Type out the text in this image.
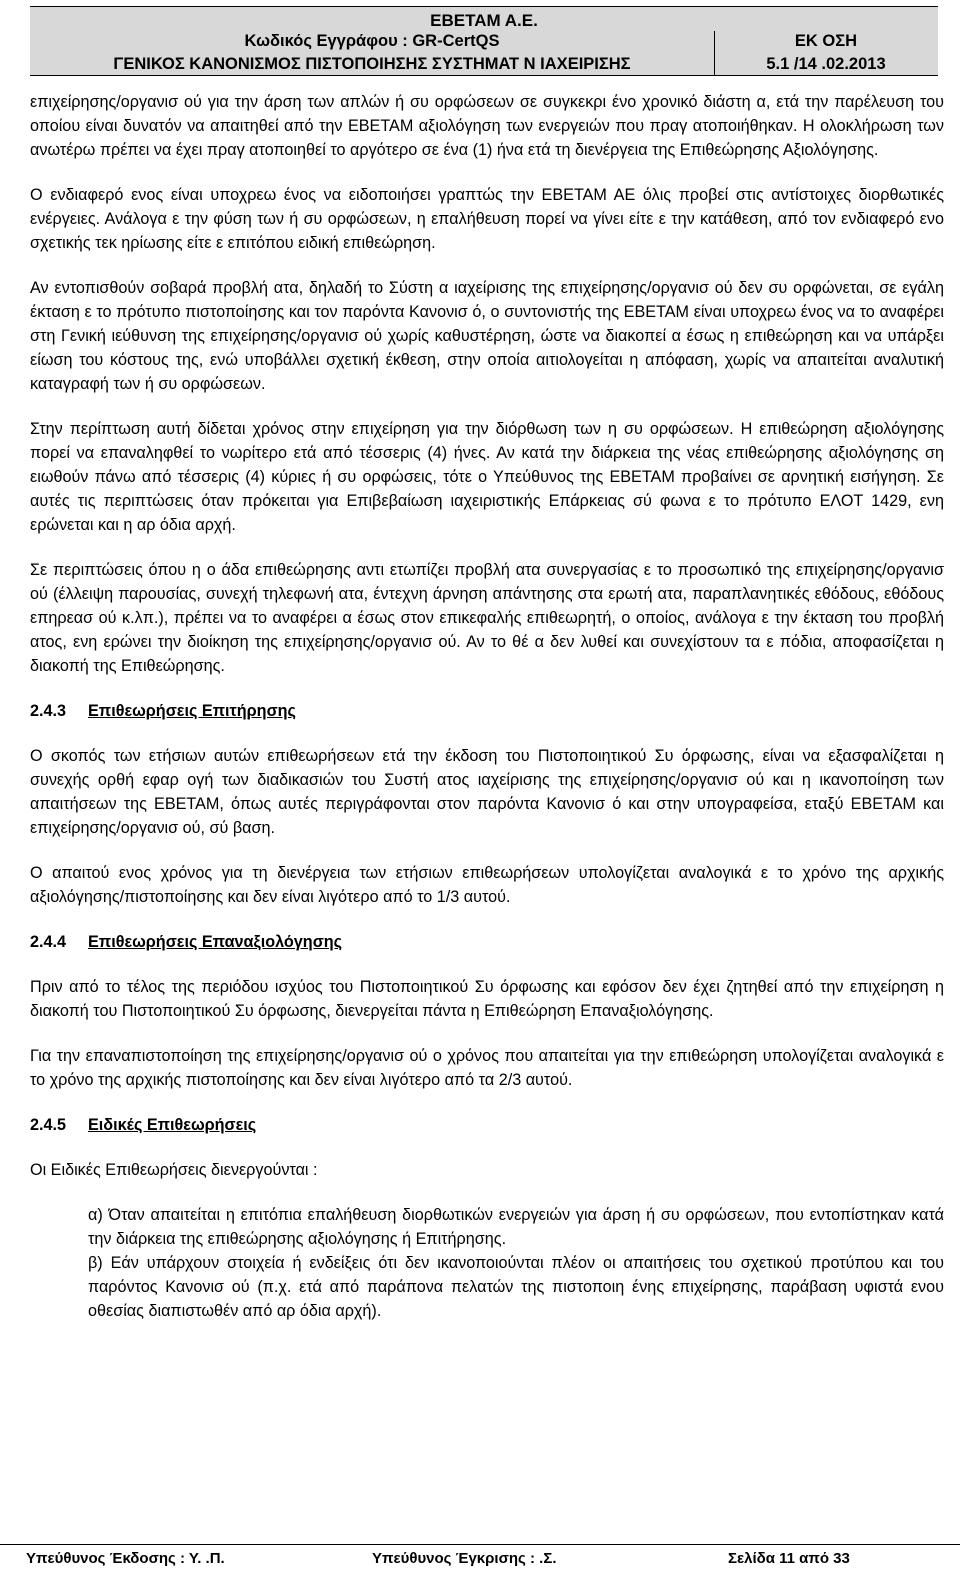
ΕΒΕΤΑΜ Α.Ε.
Κωδικός Εγγράφου : GR-CertQS	ΕΚ ΟΣΗ
ΓΕΝΙΚΟΣ ΚΑΝΟΝΙΣΜΟΣ ΠΙΣΤΟΠΟΙΗΣΗΣ ΣΥΣΤΗΜΑΤ Ν ΙΑΧΕΙΡΙΣΗΣ	5.1 /14 .02.2013

επιχείρησης/οργανισ ού για την άρση των απλών ή συ ορφώσεων σε συγκεκρι ένο χρονικό διάστη α, ετά την παρέλευση του οποίου είναι δυνατόν να απαιτηθεί από την ΕΒΕΤΑΜ αξιολόγηση των ενεργειών που πραγ ατοποιήθηκαν. Η ολοκλήρωση των ανωτέρω πρέπει να έχει πραγ ατοποιηθεί το αργότερο σε ένα (1) ήνα ετά τη διενέργεια της Επιθεώρησης Αξιολόγησης.

Ο ενδιαφερό ενος είναι υποχρεω ένος να ειδοποιήσει γραπτώς την ΕΒΕΤΑΜ ΑΕ όλις προβεί στις αντίστοιχες διορθωτικές ενέργειες. Ανάλογα ε την φύση των ή συ ορφώσεων, η επαλήθευση πορεί να γίνει είτε ε την κατάθεση, από τον ενδιαφερό ενο σχετικής τεκ ηρίωσης είτε ε επιτόπου ειδική επιθεώρηση.

Αν εντοπισθούν σοβαρά προβλή ατα, δηλαδή το Σύστη α ιαχείρισης της επιχείρησης/οργανισ ού δεν συ ορφώνεται, σε εγάλη έκταση ε το πρότυπο πιστοποίησης και τον παρόντα Κανονισ ό, ο συντονιστής της ΕΒΕΤΑΜ είναι υποχρεω ένος να το αναφέρει στη Γενική ιεύθυνση της επιχείρησης/οργανισ ού χωρίς καθυστέρηση, ώστε να διακοπεί α έσως η επιθεώρηση και να υπάρξει είωση του κόστους της, ενώ υποβάλλει σχετική έκθεση, στην οποία αιτιολογείται η απόφαση, χωρίς να απαιτείται αναλυτική καταγραφή των ή συ ορφώσεων.

Στην περίπτωση αυτή δίδεται χρόνος στην επιχείρηση για την διόρθωση των η συ ορφώσεων. Η επιθεώρηση αξιολόγησης πορεί να επαναληφθεί το νωρίτερο ετά από τέσσερις (4) ήνες. Αν κατά την διάρκεια της νέας επιθεώρησης αξιολόγησης ση ειωθούν πάνω από τέσσερις (4) κύριες ή συ ορφώσεις, τότε ο Υπεύθυνος της ΕΒΕΤΑΜ προβαίνει σε αρνητική εισήγηση. Σε αυτές τις περιπτώσεις όταν πρόκειται για Επιβεβαίωση ιαχειριστικής Επάρκειας σύ φωνα ε το πρότυπο ΕΛΟΤ 1429, ενη ερώνεται και η αρ όδια αρχή.

Σε περιπτώσεις όπου η ο άδα επιθεώρησης αντι ετωπίζει προβλή ατα συνεργασίας ε το προσωπικό της επιχείρησης/οργανισ ού (έλλειψη παρουσίας, συνεχή τηλεφωνή ατα, έντεχνη άρνηση απάντησης στα ερωτή ατα, παραπλανητικές εθόδους, εθόδους επηρεασ ού κ.λπ.), πρέπει να το αναφέρει α έσως στον επικεφαλής επιθεωρητή, ο οποίος, ανάλογα ε την έκταση του προβλή ατος, ενη ερώνει την διοίκηση της επιχείρησης/οργανισ ού. Αν το θέ α δεν λυθεί και συνεχίστουν τα ε πόδια, αποφασίζεται η διακοπή της Επιθεώρησης.

2.4.3	Επιθεωρήσεις Επιτήρησης

Ο σκοπός των ετήσιων αυτών επιθεωρήσεων ετά την έκδοση του Πιστοποιητικού Συ όρφωσης, είναι να εξασφαλίζεται η συνεχής ορθή εφαρ ογή των διαδικασιών του Συστή ατος ιαχείρισης της επιχείρησης/οργανισ ού και η ικανοποίηση των απαιτήσεων της ΕΒΕΤΑΜ, όπως αυτές περιγράφονται στον παρόντα Κανονισ ό και στην υπογραφείσα, εταξύ ΕΒΕΤΑΜ και επιχείρησης/οργανισ ού, σύ βαση.

Ο απαιτού ενος χρόνος για τη διενέργεια των ετήσιων επιθεωρήσεων υπολογίζεται αναλογικά ε το χρόνο της αρχικής αξιολόγησης/πιστοποίησης και δεν είναι λιγότερο από το 1/3 αυτού.

2.4.4	Επιθεωρήσεις Επαναξιολόγησης

Πριν από το τέλος της περιόδου ισχύος του Πιστοποιητικού Συ όρφωσης και εφόσον δεν έχει ζητηθεί από την επιχείρηση η διακοπή του Πιστοποιητικού Συ όρφωσης, διενεργείται πάντα η Επιθεώρηση Επαναξιολόγησης.

Για την επαναπιστοποίηση της επιχείρησης/οργανισ ού ο χρόνος που απαιτείται για την επιθεώρηση υπολογίζεται αναλογικά ε το χρόνο της αρχικής πιστοποίησης και δεν είναι λιγότερο από τα 2/3 αυτού.

2.4.5	Ειδικές Επιθεωρήσεις

Οι Ειδικές Επιθεωρήσεις διενεργούνται :

α) Όταν απαιτείται η επιτόπια επαλήθευση διορθωτικών ενεργειών για άρση ή συ ορφώσεων, που εντοπίστηκαν κατά την διάρκεια της επιθεώρησης αξιολόγησης ή Επιτήρησης.
β) Εάν υπάρχουν στοιχεία ή ενδείξεις ότι δεν ικανοποιούνται πλέον οι απαιτήσεις του σχετικού προτύπου και του παρόντος Κανονισ ού (π.χ. ετά από παράπονα πελατών της πιστοποιη ένης επιχείρησης, παράβαση υφιστά ενου οθεσίας διαπιστωθέν από αρ όδια αρχή).
Υπεύθυνος Έκδοσης : Υ. .Π.	Υπεύθυνος Έγκρισης : .Σ.	Σελίδα 11 από 33
